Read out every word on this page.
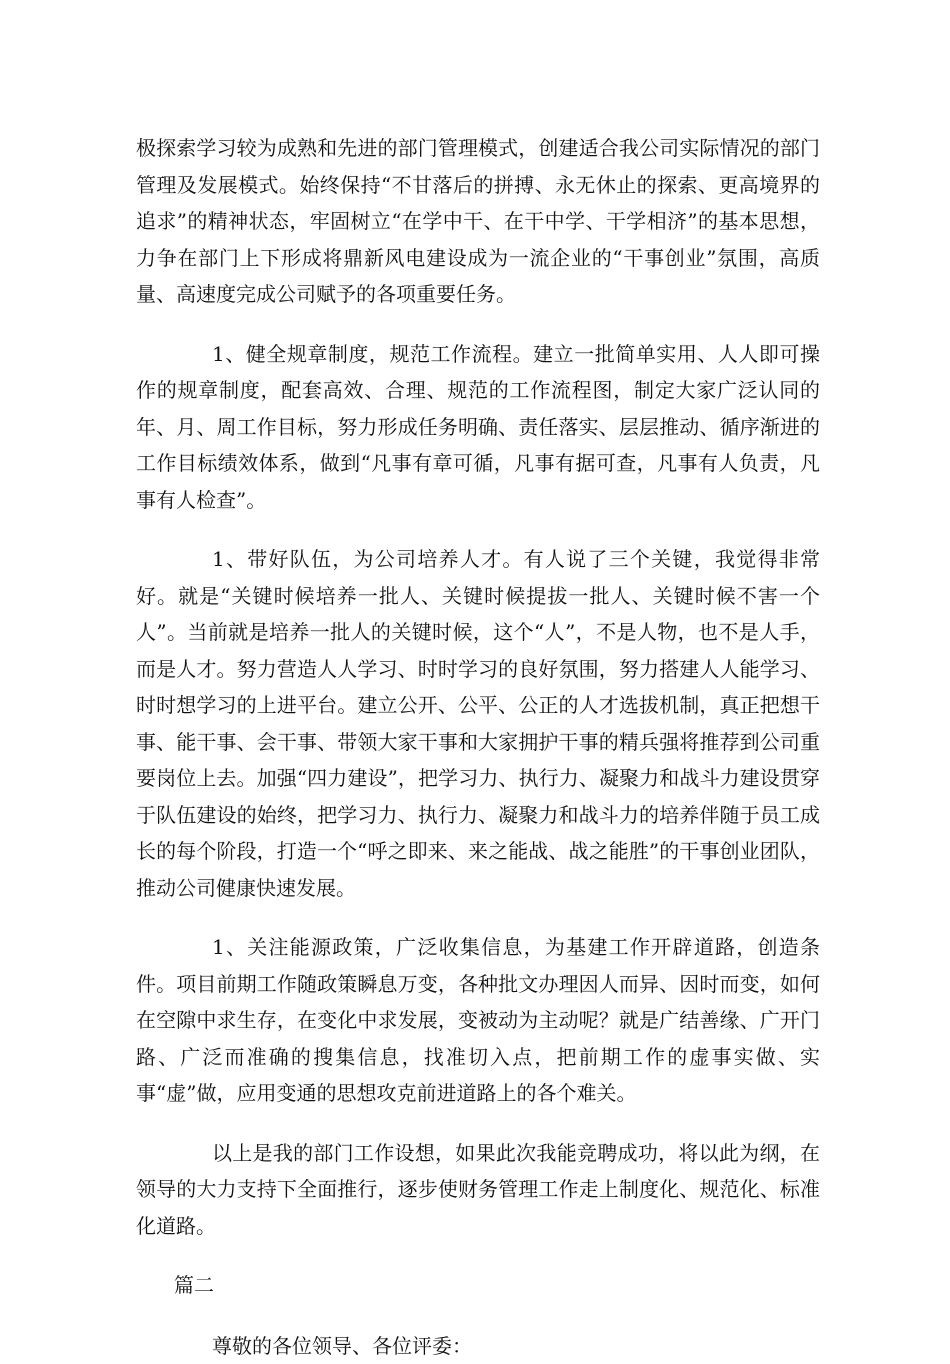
极探索学习较为成熟和先进的部门管理模式，创建适合我公司实际情况的部门管理及发展模式。始终保持“不甘落后的拼搏、永无休止的探索、更高境界的追求”的精神状态，牢固树立“在学中干、在干中学、干学相济”的基本思想，力争在部门上下形成将鼎新风电建设成为一流企业的“干事创业”氛围，高质量、高速度完成公司赋予的各项重要任务。

1、健全规章制度，规范工作流程。建立一批简单实用、人人即可操作的规章制度，配套高效、合理、规范的工作流程图，制定大家广泛认同的年、月、周工作目标，努力形成任务明确、责任落实、层层推动、循序渐进的工作目标绩效体系，做到“凡事有章可循，凡事有据可查，凡事有人负责，凡事有人检查”。

1、带好队伍，为公司培养人才。有人说了三个关键，我觉得非常好。就是“关键时候培养一批人、关键时候提拔一批人、关键时候不害一个人”。当前就是培养一批人的关键时候，这个“人”，不是人物，也不是人手，而是人才。努力营造人人学习、时时学习的良好氛围，努力搭建人人能学习、时时想学习的上进平台。建立公开、公平、公正的人才选拔机制，真正把想干事、能干事、会干事、带领大家干事和大家拥护干事的精兵强将推荐到公司重要岗位上去。加强“四力建设”，把学习力、执行力、凝聚力和战斗力建设贯穿于队伍建设的始终，把学习力、执行力、凝聚力和战斗力的培养伴随于员工成长的每个阶段，打造一个“呼之即来、来之能战、战之能胜”的干事创业团队，推动公司健康快速发展。

1、关注能源政策，广泛收集信息，为基建工作开辟道路，创造条件。项目前期工作随政策瞬息万变，各种批文办理因人而异、因时而变，如何在空隙中求生存，在变化中求发展，变被动为主动呢？就是广结善缘、广开门路、广泛而准确的搜集信息，找准切入点，把前期工作的虚事实做、实事“虚”做，应用变通的思想攻克前进道路上的各个难关。

以上是我的部门工作设想，如果此次我能竞聘成功，将以此为纲，在领导的大力支持下全面推行，逐步使财务管理工作走上制度化、规范化、标准化道路。

篇二

尊敬的各位领导、各位评委：
